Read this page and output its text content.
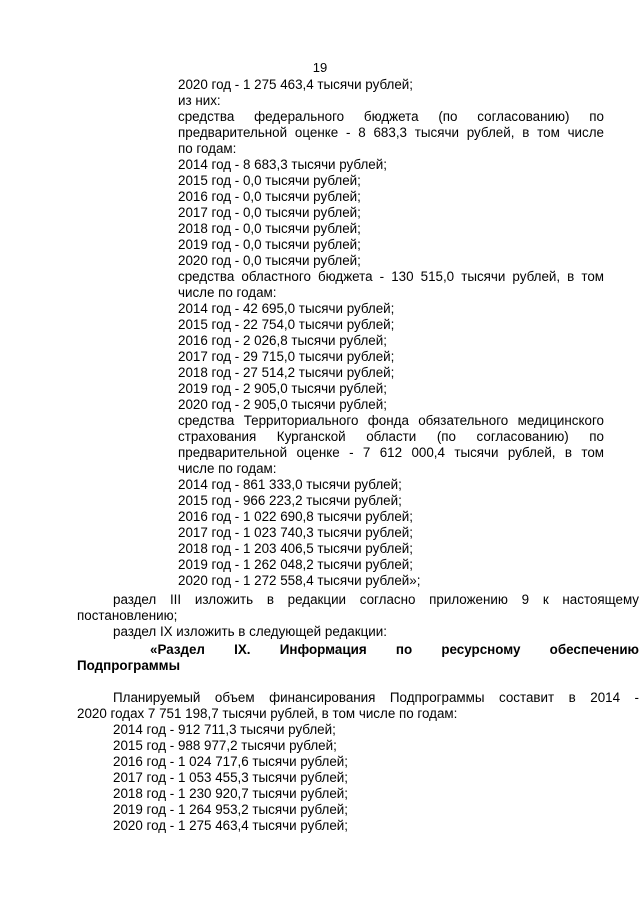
19
2020 год - 1 275 463,4 тысячи рублей;
из них:
средства федерального бюджета (по согласованию) по
предварительной оценке - 8 683,3 тысячи рублей, в том числе
по годам:
2014 год - 8 683,3 тысячи рублей;
2015 год - 0,0 тысячи рублей;
2016 год - 0,0 тысячи рублей;
2017 год - 0,0 тысячи рублей;
2018 год - 0,0 тысячи рублей;
2019 год - 0,0 тысячи рублей;
2020 год - 0,0 тысячи рублей;
средства областного бюджета - 130 515,0 тысячи рублей, в том
числе по годам:
2014 год - 42 695,0 тысячи рублей;
2015 год - 22 754,0 тысячи рублей;
2016 год - 2 026,8 тысячи рублей;
2017 год - 29 715,0 тысячи рублей;
2018 год - 27 514,2 тысячи рублей;
2019 год - 2 905,0 тысячи рублей;
2020 год - 2 905,0 тысячи рублей;
средства Территориального фонда обязательного медицинского
страхования Курганской области (по согласованию) по
предварительной оценке - 7 612 000,4 тысячи рублей, в том
числе по годам:
2014 год - 861 333,0 тысячи рублей;
2015 год - 966 223,2 тысячи рублей;
2016 год - 1 022 690,8 тысячи рублей;
2017 год - 1 023 740,3 тысячи рублей;
2018 год - 1 203 406,5 тысячи рублей;
2019 год - 1 262 048,2 тысячи рублей;
2020 год - 1 272 558,4 тысячи рублей»;
раздел III изложить в редакции согласно приложению 9 к настоящему
постановлению;
раздел IX изложить в следующей редакции:
«Раздел IX. Информация по ресурсному обеспечению
Подпрограммы
Планируемый объем финансирования Подпрограммы составит в 2014 -
2020 годах 7 751 198,7 тысячи рублей, в том числе по годам:
2014 год - 912 711,3 тысячи рублей;
2015 год - 988 977,2 тысячи рублей;
2016 год - 1 024 717,6 тысячи рублей;
2017 год - 1 053 455,3 тысячи рублей;
2018 год - 1 230 920,7 тысячи рублей;
2019 год - 1 264 953,2 тысячи рублей;
2020 год - 1 275 463,4 тысячи рублей;
